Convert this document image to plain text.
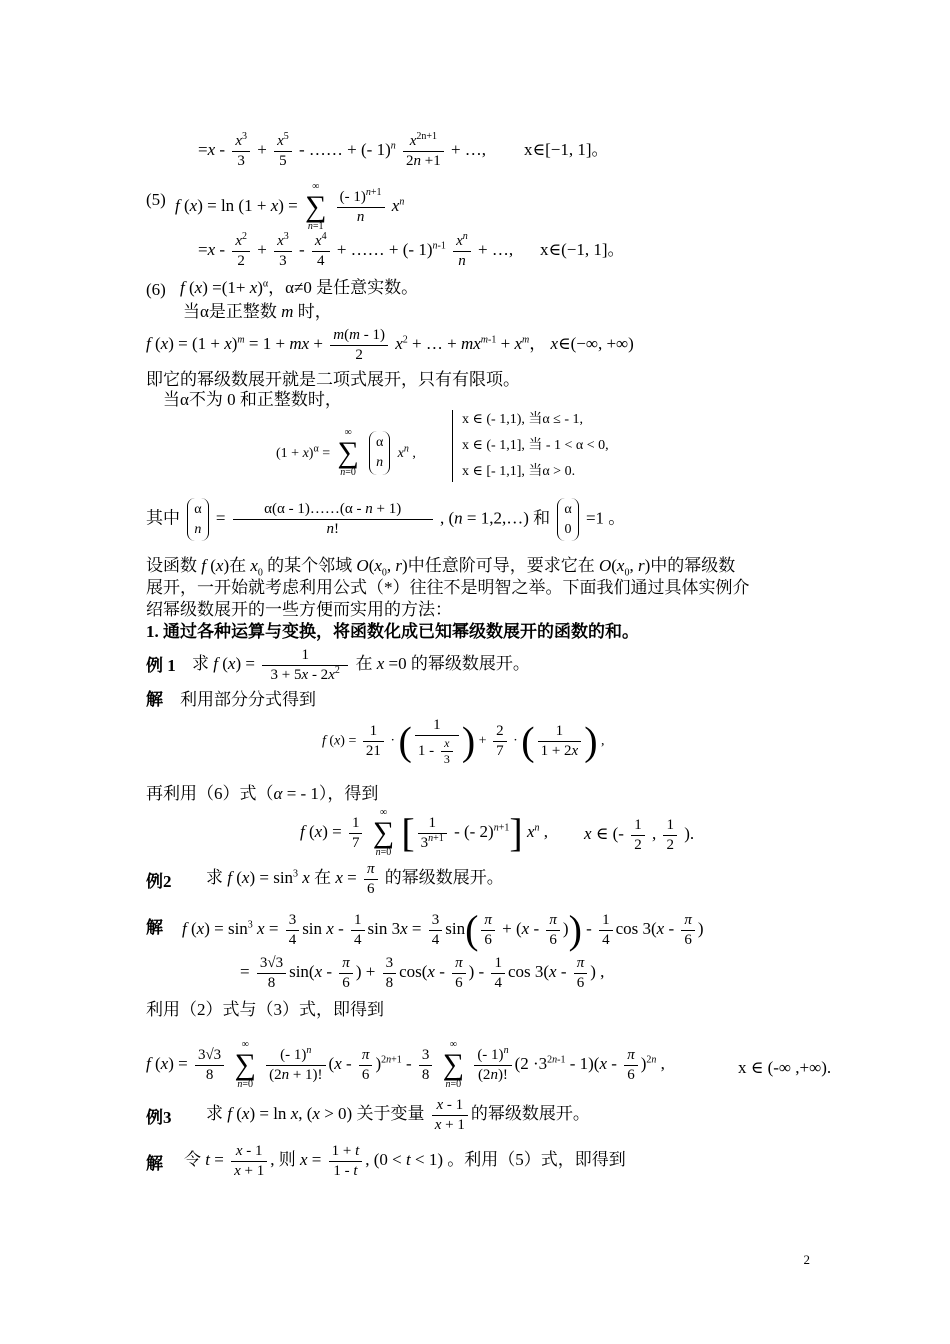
$=x - \frac{x^3}{3} + \frac{x^5}{5}$ - …… + (- $1)^n \frac{x^{2n+1}}{2n +1}$ + …, x∈[−1, 1]。
(5) f (x) = ln (1 + x) =
∞
∑
n=1

$\frac{(- 1)^{n+1}}{n} x^n$
$=x - \frac{x^2}{2} + \frac{x^3}{3} - \frac{x^4}{4}$ + …… + (- $1)^{n-1} \frac{x^n}{n}$ + …, x∈(−1, 1]。
(6) f $(x) =(1+ x)^\alpha$，α≠0 是任意实数。
当α是正整数 m 时，
f $(x) = (1 + x)^m = 1$ + mx + $\frac{m(m - 1)}{2} x^2$ + … + $mx^{m-1} + x^m$， x∈(−∞, +∞)
即它的幂级数展开就是二项式展开，只有有限项。
当α不为 0 和正整数时，
$(1 + x)^\alpha$ =
∞
∑
n=0

α
n
$x^n$ ,
x ∈ (- 1,1), 当α ≤ - 1,
x ∈ (- 1,1], 当 - 1 < α < 0,
x ∈ [- 1,1], 当α > 0.
其中 α
n
= $\frac{\alpha(\alpha - 1)\dots\dots(\alpha - n + 1)}{n!}$ , (n = 1,2,…) 和 α
0
=1 。
设函数 f (x)在 $x_0$ 的某个邻域 $O(x_0$, r)中任意阶可导，要求它在 $O(x_0$, r)中的幂级数
展开，一开始就考虑利用公式（*）往往不是明智之举。下面我们通过具体实例介
绍幂级数展开的一些方便而实用的方法：
1. 通过各种运算与变换，将函数化成已知幂级数展开的函数的和。
例 1 求 f $(x) = \frac{1}{3 + 5x - 2x^2}$ 在 x =0 的幂级数展开。
解 利用部分分式得到
f $(x) = \frac{1}{21}$ · ( $\frac{1}{1 - \frac{x}{3}}$ ) + $\frac{2}{7}$ · ( $\frac{1}{1 + 2x}$ ) ,
再利用（6）式（α = - 1），得到
f $(x) = \frac{1}{7}$

∞
∑
n=0 [ $\frac{1}{3^{n+1}}$ - (- 2)$^{n+1}$] $x^n$ , x ∈ (- $\frac{1}{2}$ , $\frac{1}{2}$ ).
例2 求 f $(x) = \sin^3 x$ 在 $x = \frac{\pi}{6}$ 的幂级数展开。
解 f $(x) = \sin^3 x = \frac{3}{4}$ sin x - $\frac{1}{4}$ $\sin 3x = \frac{3}{4} \sin( \frac{\pi}{6} + (x - \frac{\pi}{6}$ )) - $\frac{1}{4}$ $\cos 3(x - \frac{\pi}{6}$ )
= $\frac{3√3}{8} \sin(x - \frac{\pi}{6}$ ) + $\frac{3}{8} \cos(x - \frac{\pi}{6}$ ) - $\frac{1}{4}$ $\cos 3(x - \frac{\pi}{6}$ ) ,
利用（2）式与（3）式，即得到
f $(x) = \frac{3√3}{8}$

∞
∑
n=0

$\frac{(- 1)^n}{(2n + 1)!} (x - \frac{\pi}{6} )^{2n+1} - \frac{3}{8}$

∞
∑
n=0

$\frac{(- 1)^n}{(2n)!} (2 \cdot 3^{2n-1} - 1)(x - \frac{\pi}{6} )^{2n}$ ,	x ∈ (-∞ ,+∞).
例3 求 f (x) = ln x, (x > 0) 关于变量 $\frac{x - 1}{x + 1}$ 的幂级数展开。
解 令 $t = \frac{x - 1}{x + 1}$ , 则 $x = \frac{1 + t}{1 - t}$ , (0 < t < 1) 。利用（5）式，即得到
2
